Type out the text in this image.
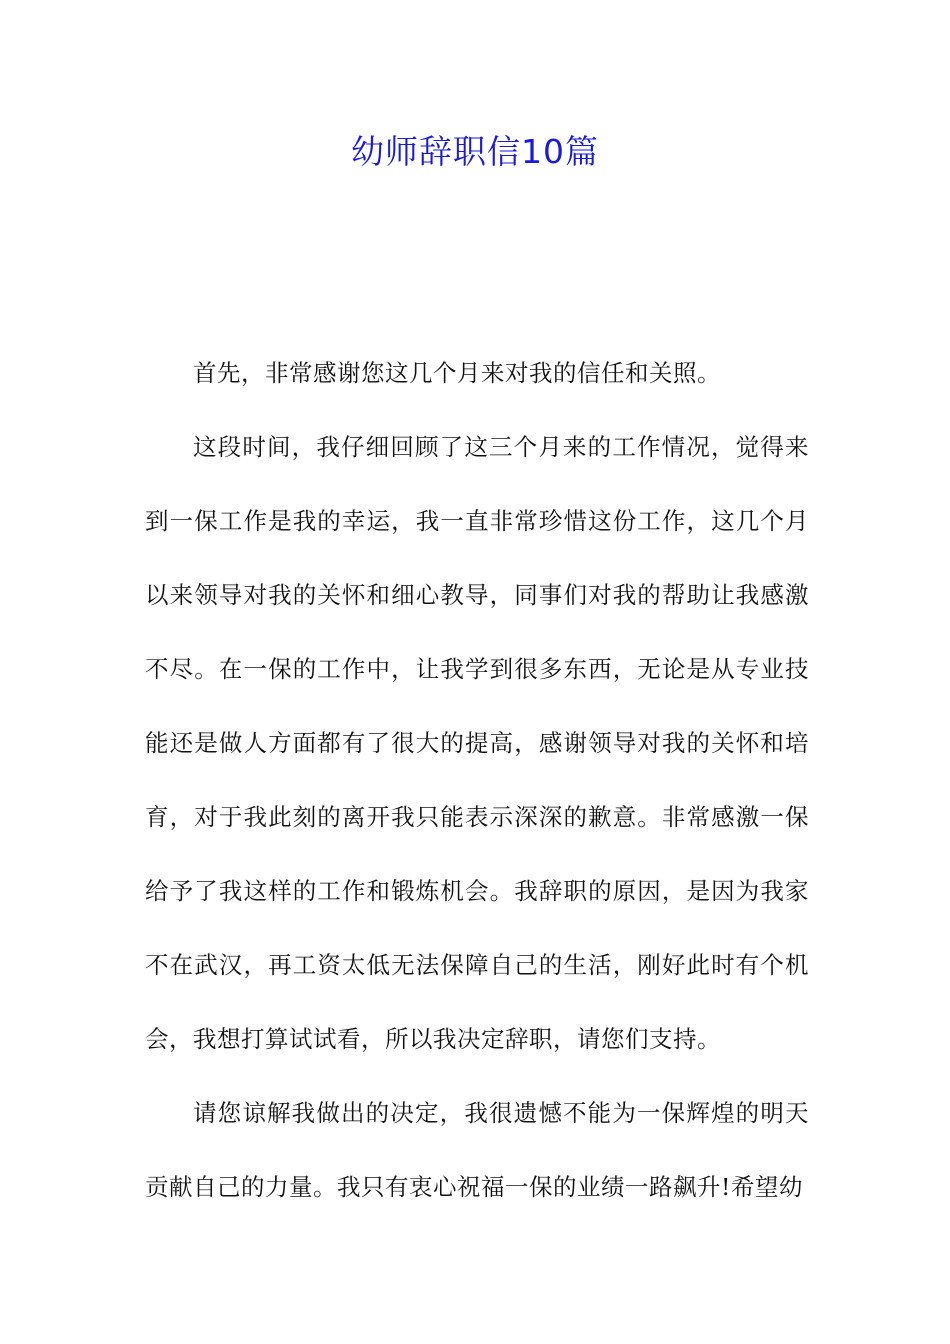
幼师辞职信10篇

首先，非常感谢您这几个月来对我的信任和关照。

这段时间，我仔细回顾了这三个月来的工作情况，觉得来到一保工作是我的幸运，我一直非常珍惜这份工作，这几个月以来领导对我的关怀和细心教导，同事们对我的帮助让我感激不尽。在一保的工作中，让我学到很多东西，无论是从专业技能还是做人方面都有了很大的提高，感谢领导对我的关怀和培育，对于我此刻的离开我只能表示深深的歉意。非常感激一保给予了我这样的工作和锻炼机会。我辞职的原因，是因为我家不在武汉，再工资太低无法保障自己的生活，刚好此时有个机会，我想打算试试看，所以我决定辞职，请您们支持。

请您谅解我做出的决定，我很遗憾不能为一保辉煌的明天贡献自己的力量。我只有衷心祝福一保的业绩一路飙升!希望幼
